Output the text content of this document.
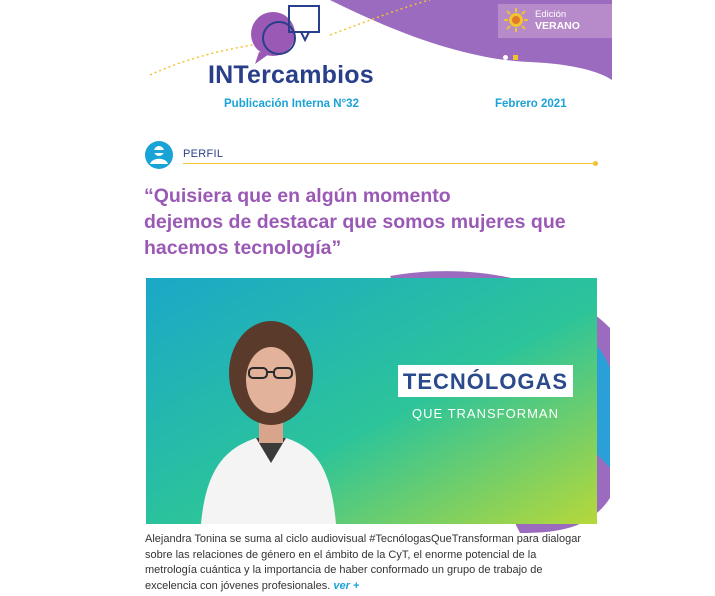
INTercambios
Publicación Interna N°32	Febrero 2021
Edición
VERANO
PERFIL
“Quisiera que en algún momento
dejemos de destacar que somos mujeres que
hacemos tecnología”
TECNÓLOGAS
QUE TRANSFORMAN
Alejandra Tonina se suma al ciclo audiovisual #TecnólogasQueTransforman para dialogar
sobre las relaciones de género en el ámbito de la CyT, el enorme potencial de la
metrología cuántica y la importancia de haber conformado un grupo de trabajo de
excelencia con jóvenes profesionales. ver +
